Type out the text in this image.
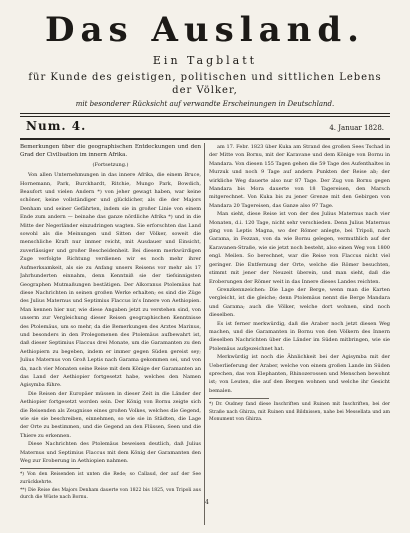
Das Ausland.
Ein Tagblatt
für Kunde des geistigen, politischen und sittlichen Lebens der Völker,
mit besonderer Rücksicht auf verwandte Erscheinungen in Deutschland.
Num. 4.	4. Januar 1828.
Bemerkungen über die geographischen Entdeckungen und den Grad der Civilisation im innern Afrika.
(Fortsetzung.)

Von allen Unternehmungen in das innere Afrika, die einem Bruce, Hornemann, Park, Burckhardt, Ritchie, Mungo Park, Bowdich, Beaufort und vielen Andern *) von jeher gewagt haben, war keine schöner, keine vollständiger und glücklicher, als die der Majors Denham und seiner Gefährten, indem sie in großer Linie von einem Ende zum andern — beinahe das ganze nördliche Afrika *) und in die Mitte der Negerländer einzudringen wagten. Sie erforschten das Land sowohl als die Meinungen und Sitten der Völker, soweit die menschliche Kraft nur immer reicht, mit Ausdauer und Einsicht, zuverlässiger und großer Bescheidenheit. Bei diesem merkwürdigen Zuge verfolgte Richtung verdienen wir es noch mehr ihrer Aufmerksamkeit, als sie zu Anfang unsers Reisens vor mehr als 17 Jahrhunderten einnahm, denn Kenntniß sie der tiefsinnigsten Geographen Mutmaßungen bestätigen. Der Alkoranus Ptolemäus hat diese Nachrichten in seinen großen Werke erhalten; es sind die Züge des Julius Maternus und Septimius Flaccus in's Innere von Aethiopien. Man kennen hier nur, wie diese Angaben jetzt zu verstehen sind, von unserm zur Vergleichung dieser Reisen geographischen Kenntnisse des Ptolemäus, um so mehr, da die Bemerkungen des Arztes Marinus, und besonders in den Prolegomenen des Ptolemäus aufbewahrt ist, daß dieser Septimius Flaccus drei Monate, um die Garamanten zu den Aethiopiern zu begeben, indem er immer gegen Süden gereist sey; Julius Maternus von Groß Leptis nach Garama gekommen sei, und von da, nach vier Monaten seine Reise mit dem Könige der Garamanten an das Land der Aethiopier fortgesetzt habe, welches den Namen Agisymba führe.

Die Reisen der Europäer müssen in dieser Zeit in die Länder der Aethiopier fortgesetzt worden sein. Der König von Bornu zeigte sich die Reisenden als Zeugnisse eines großen Volkes, welches die Gegend, wie sie sie beschreiben, einnehmen, so wie sie in Städten, die Lage der Orte zu bestimmen, und die Gegend an den Flüssen, Seen und die Thiere zu erkennen.

Diese Nachrichten des Ptolemäus beweisen deutlich, daß Julius Maternus und Septimius Flaccus mit dem König der Garamanten den Weg zur Eroberung in Aethiopien nahmen.

*) Von den Reisenden ist unten die Rede; so Callaud, der auf der See zurückkehrte.

**) Die Reise des Majors Denham dauerte von 1822 bis 1825, von Tripoli aus durch die Wüste nach Bornu.

am 17. Febr. 1823 über Kuka am Strand des großen Sees Tschad in der Mitte von Bornu, mit der Karavane und dem Könige von Bornu in Mandara. Von diesen 155 Tagen gehen die 59 Tage des Aufenthaltes in Murzuk und noch 9 Tage auf andern Punkten der Reise ab; der wirkliche Weg dauerte also nur 87 Tage. Der Zug von Bornu gegen Mandara bis Mora dauerte von 18 Tagereisen, den Marsch mitgerechnet. Von Kuka bis zu jener Grenze mit den Gebirgen von Mandara 20 Tagereisen, das Ganze also 97 Tage.

Man sieht, diese Reise ist von der des Julius Maternus nach vier Monaten, d.i. 120 Tage, nicht sehr verschieden. Denn Julius Maternus ging von Leptis Magna, wo der Römer anlegte, bei Tripoli, nach Garama, in Fezzan, von da wie Bornu gelegen, vermuthlich auf der Karavanen-Straße, wie sie jetzt noch besteht, also einen Weg von 1800 engl. Meilen. So berechnet, war die Reise von Flaccus nicht viel geringer. Die Entfernung der Orte, welche die Römer besuchten, stimmt mit jener der Neuzeit überein, und man sieht, daß die Eroberungen der Römer weit in das Innere dieses Landes reichten.

Grenzkennzeichen: Die Lage der Berge, wenn man die Karten vergleicht, ist die gleiche; denn Ptolemäus nennt die Berge Mandara und Garama; auch die Völker, welche dort wohnen, sind noch dieselben.

Es ist ferner merkwürdig, daß die Araber noch jetzt diesen Weg machen, und die Garamanten in Bornu von den Völkern des Innern dieselben Nachrichten über die Länder im Süden mitbringen, wie sie Ptolemäus aufgezeichnet hat.

Merkwürdig ist noch die Ähnlichkeit bei der Agisymba mit der Ueberlieferung der Araber, welche von einem großen Lande im Süden sprechen, das von Elephanten, Rhinozerossen und Menschen bewohnt ist; von Leuten, die auf den Bergen wohnen und welche ihr Gesicht bemalen.

*) Dr. Oudney fand diese Inschriften und Ruinen mit Inschriften, bei der Straße nach Ghirza, mit Ruinen und Bildnissen, nahe bei Messellata und am Monument von Ghirza.

4
